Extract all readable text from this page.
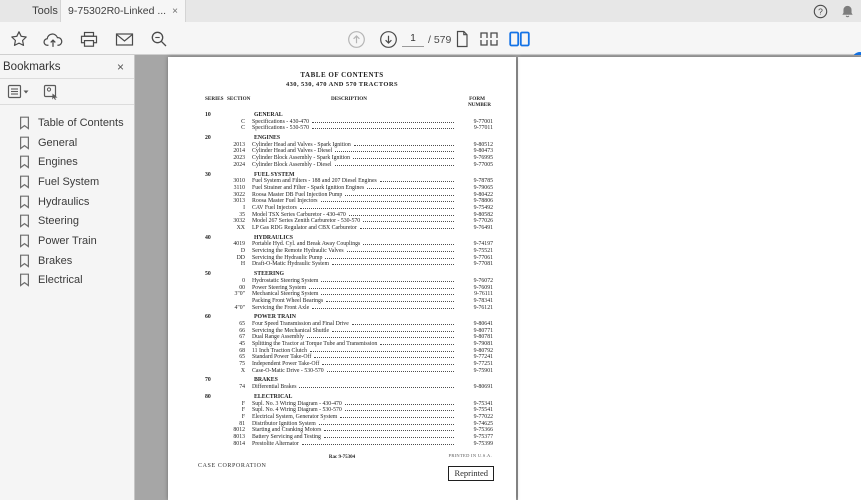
Tools 9-75302R0-Linked ... ×	?
1
/ 579
Bookmarks	×
Table of Contents
General
Engines
Fuel System
Hydraulics
Steering
Power Train
Brakes
Electrical
TABLE OF CONTENTS
430, 530, 470 AND 570 TRACTORS
SERIES SECTION	DESCRIPTION	FORM
NUMBER
10	GENERAL
C	Specifications - 430-470	9-77001
C	Specifications - 530-570	9-77011
20	ENGINES
2013	Cylinder Head and Valves - Spark Ignition	9-80512
2014	Cylinder Head and Valves - Diesel	9-80473
2023	Cylinder Block Assembly - Spark Ignition	9-76995
2024	Cylinder Block Assembly - Diesel	9-77005
30	FUEL SYSTEM
3010	Fuel System and Filters - 188 and 207 Diesel Engines	9-78785
3110	Fuel Strainer and Filter - Spark Ignition Engines	9-79065
3022	Roosa Master DB Fuel Injection Pump	9-80422
3013	Roosa Master Fuel Injectors	9-78806
I	CAV Fuel Injectors	9-75492
35	Model TSX Series Carburetor - 430-470	9-80582
3032	Model 267 Series Zenith Carburetor - 530-570	9-77026
XX	LP Gas RDG Regulator and CBX Carburetor	9-76491
40	HYDRAULICS
4019	Portable Hyd. Cyl. and Break Away Couplings	9-74197
D	Servicing the Remote Hydraulic Valves	9-75521
DD	Servicing the Hydraulic Pump	9-77061
H	Draft-O-Matic Hydraulic System	9-77081
50	STEERING
0	Hydrostatic Steering System	9-76072
00	Power Steering System	9-76091
3"0"	Mechanical Steering System	9-76111
Packing Front Wheel Bearings	9-78341
4"0"	Servicing the Front Axle	9-76121
60	POWER TRAIN
65	Four Speed Transmission and Final Drive	9-80641
66	Servicing the Mechanical Shuttle	9-80771
67	Dual Range Assembly	9-80781
45	Splitting the Tractor at Torque Tube and Transmission	9-79081
68	11 Inch Traction Clutch	9-80792
65	Standard Power Take-Off	9-77241
75	Independent Power Take-Off	9-77251
X	Case-O-Matic Drive - 530-570	9-75901
70	BRAKES
74	Differential Brakes	9-80691
80	ELECTRICAL
F	Supl. No. 3 Wiring Diagram - 430-470	9-75341
F	Supl. No. 4 Wiring Diagram - 530-570	9-75541
F	Electrical System, Generator System	9-77022
81	Distributor Ignition System	9-74625
8012	Starting and Cranking Motors	9-75366
8013	Battery Servicing and Testing	9-75377
8014	Prestolite Alternator	9-75399
Rac 9-75304	PRINTED IN U.S.A.
CASE CORPORATION
Reprinted
